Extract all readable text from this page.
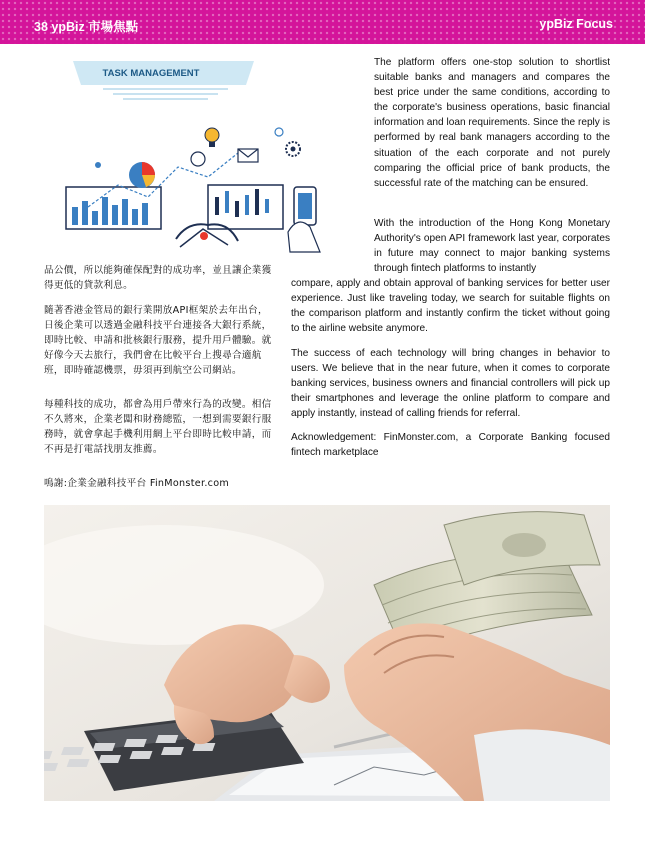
38 ypBiz 市場焦點	ypBiz Focus
TASK MANAGEMENT

The platform offers one-stop solution to shortlist suitable banks and managers and compares the best price under the same conditions, according to the corporate's business operations, basic financial information and loan requirements. Since the reply is performed by real bank managers according to the situation of the each corporate and not purely comparing the official price of bank products, the successful rate of the matching can be ensured.

With the introduction of the Hong Kong Monetary Authority's open API framework last year, corporates in future may connect to major banking systems through fintech platforms to instantly

compare, apply and obtain approval of banking services for better user experience. Just like traveling today, we search for suitable flights on the comparison platform and instantly confirm the ticket without going to the airline website anymore.

The success of each technology will bring changes in behavior to users. We believe that in the near future, when it comes to corporate banking services, business owners and financial controllers will pick up their smartphones and leverage the online platform to compare and apply instantly, instead of calling friends for referral.

Acknowledgement: FinMonster.com, a Corporate Banking focused fintech marketplace

品公價，所以能夠確保配對的成功率，並且讓企業獲得更低的貸款利息。

隨著香港金管局的銀行業開放API框架於去年出台，日後企業可以透過金融科技平台連接各大銀行系統，即時比較、申請和批核銀行服務，提升用戶體驗。就好像今天去旅行，我們會在比較平台上搜尋合適航班，即時確認機票，毋須再到航空公司網站。

每種科技的成功，都會為用戶帶來行為的改變。相信不久將來，企業老闆和財務總監，一想到需要銀行服務時，就會拿起手機利用網上平台即時比較申請，而不再是打電話找朋友推薦。

鳴謝:企業金融科技平台 FinMonster.com
